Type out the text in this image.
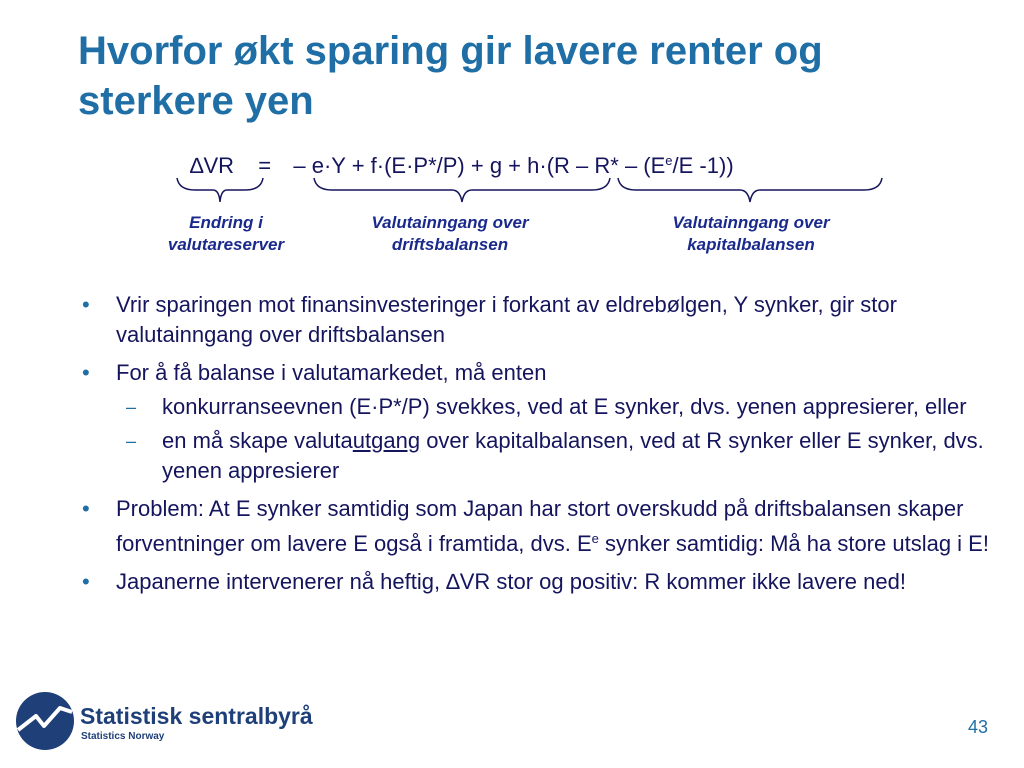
Hvorfor økt sparing gir lavere renter og sterkere yen
∆VR = – $e\cdot Y + f\cdot(E\cdot P*/P) + g + h\cdot(R - R* - (E^e/E$ -1))
Endring i
valutareserver
Valutainngang over
driftsbalansen
Valutainngang over
kapitalbalansen
• Vrir sparingen mot finansinvesteringer i forkant av eldrebølgen, Y synker, gir stor valutainngang over driftsbalansen
• For å få balanse i valutamarkedet, må enten
– konkurranseevnen (E·P*/P) svekkes, ved at E synker, dvs. yenen appresierer, eller
– en må skape valutautgang over kapitalbalansen, ved at R synker eller E synker, dvs. yenen appresierer
• Problem: At E synker samtidig som Japan har stort overskudd på driftsbalansen skaper forventninger om lavere E også i framtida, dvs. $E^e$ synker samtidig: Må ha store utslag i E!
• Japanerne intervenerer nå heftig, ∆VR stor og positiv: R kommer ikke lavere ned!
Statistisk sentralbyrå
Statistics Norway	43
